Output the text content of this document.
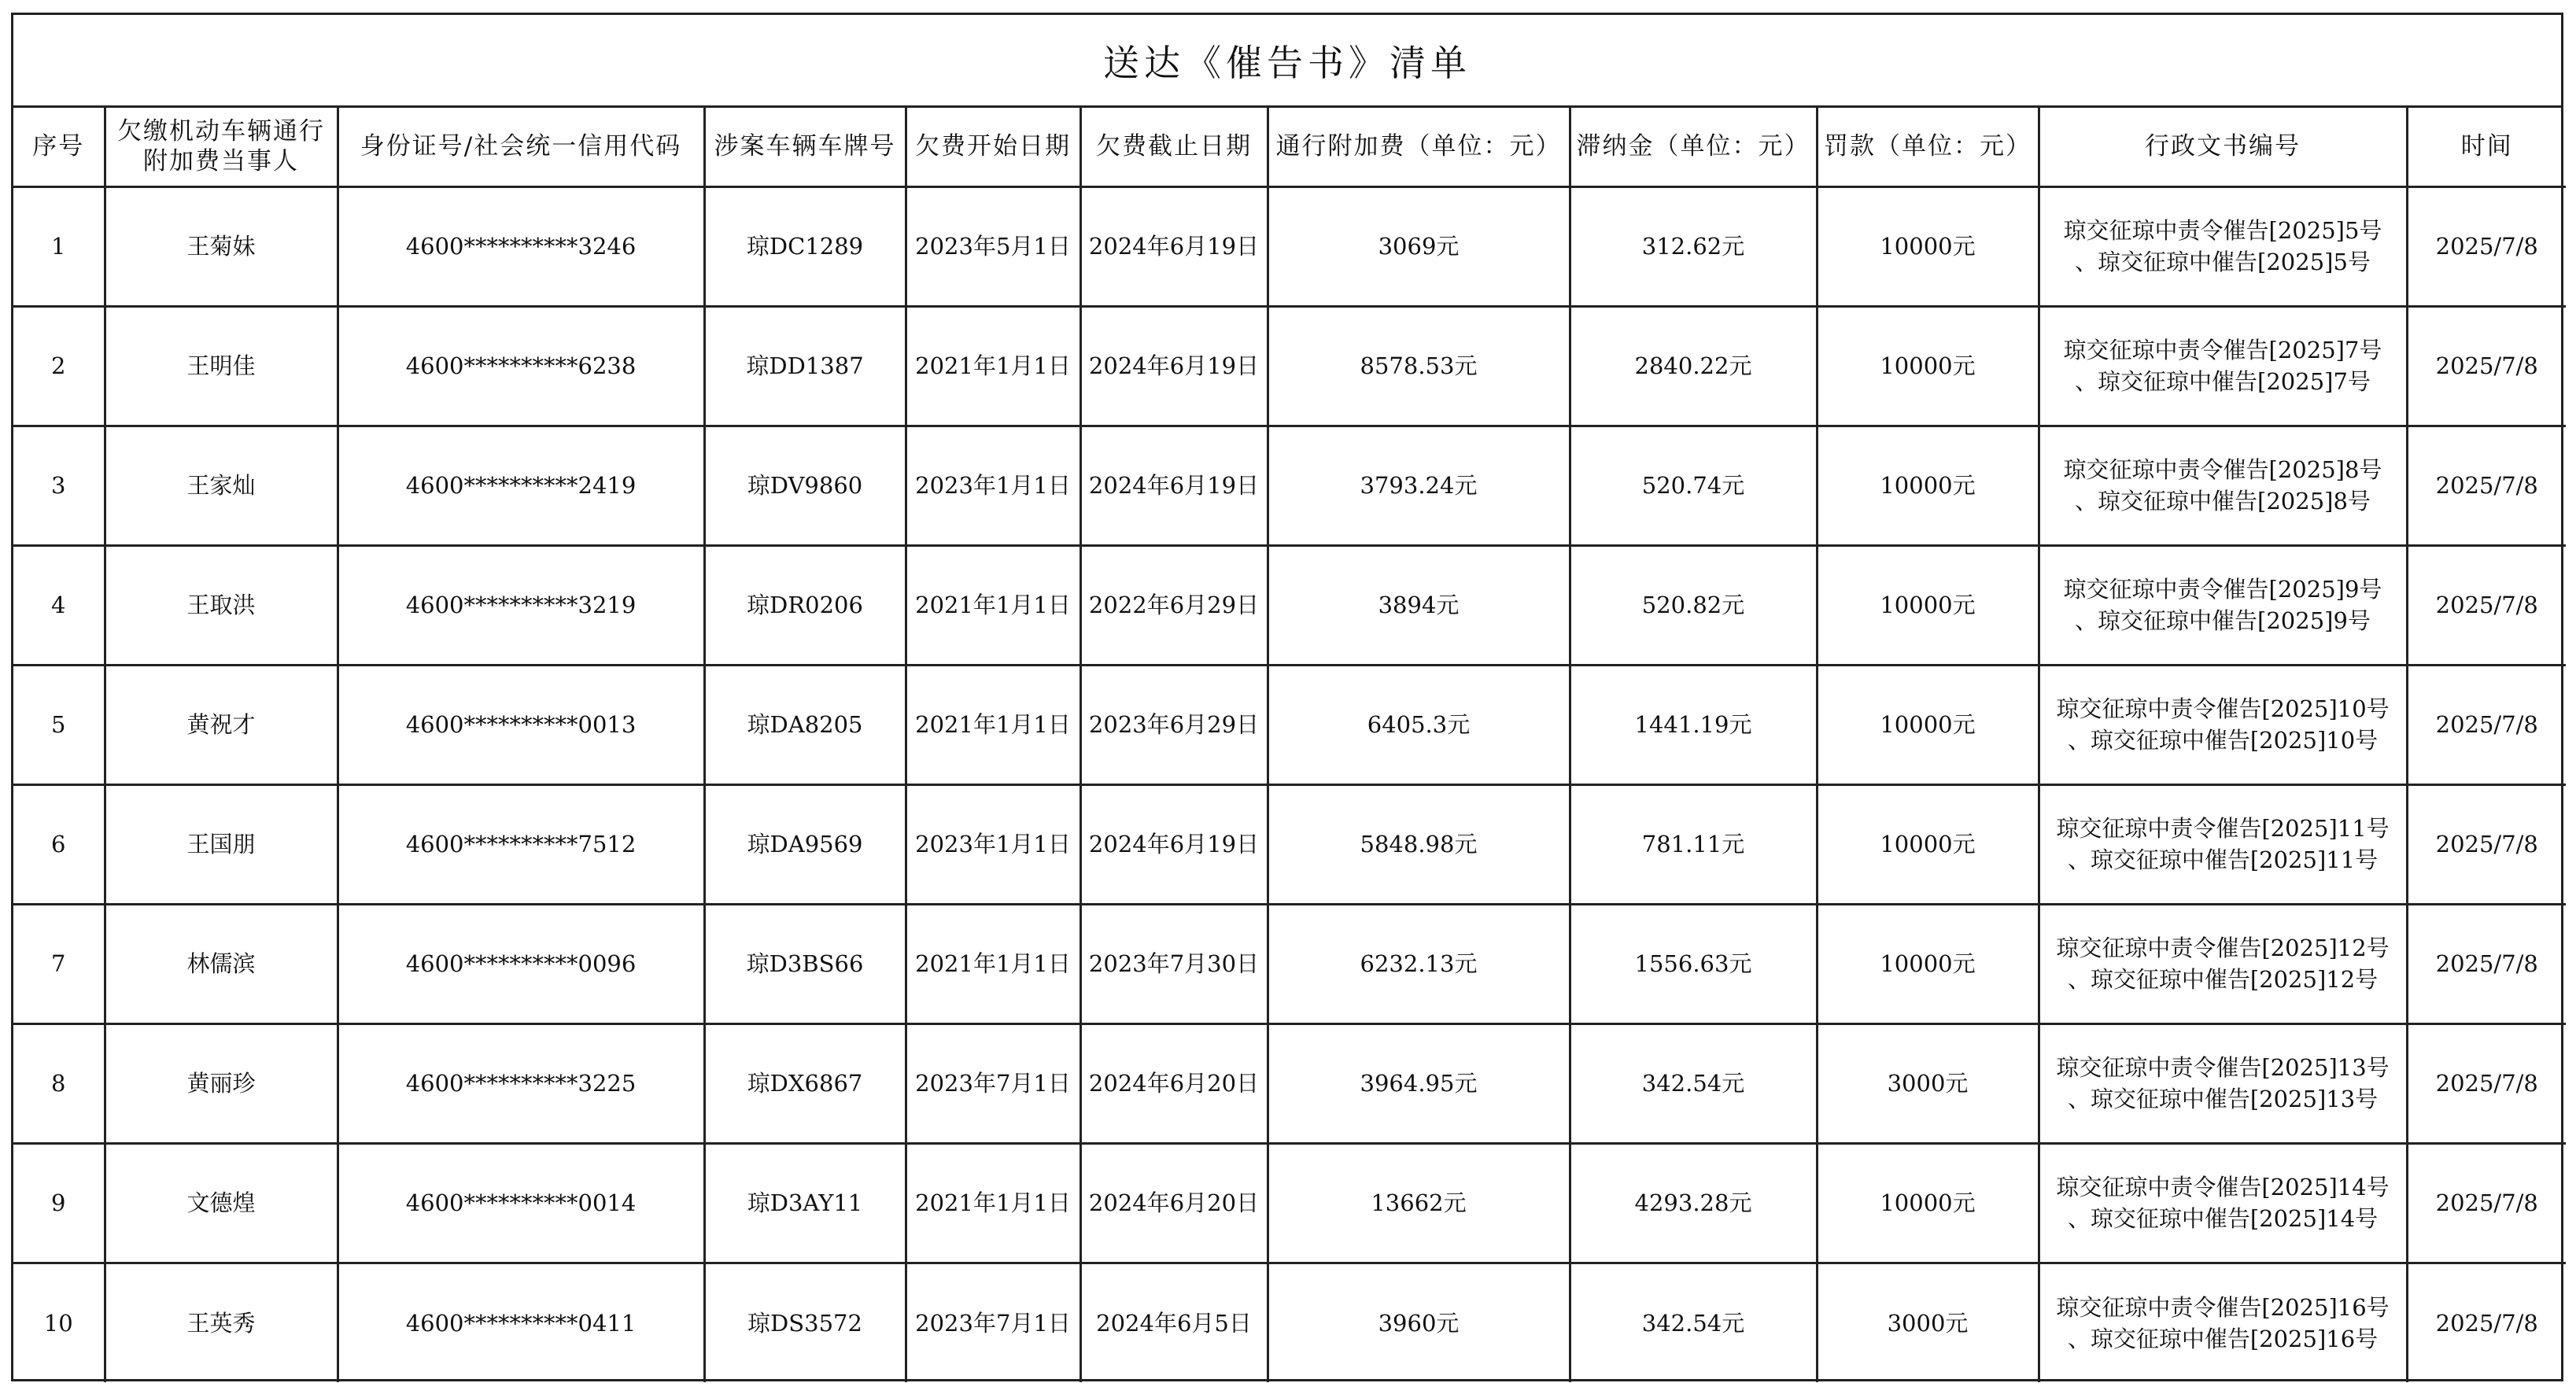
送达《催告书》清单
序号	欠缴机动车辆通行附加费当事人	身份证号/社会统一信用代码	涉案车辆车牌号	欠费开始日期	欠费截止日期	通行附加费（单位：元）	滞纳金（单位：元）	罚款（单位：元）	行政文书编号	时间
1	王菊妹	4600**********3246	琼DC1289	2023年5月1日	2024年6月19日	3069元	312.62元	10000元	琼交征琼中责令催告[2025]5号
、琼交征琼中催告[2025]5号	2025/7/8
2	王明佳	4600**********6238	琼DD1387	2021年1月1日	2024年6月19日	8578.53元	2840.22元	10000元	琼交征琼中责令催告[2025]7号
、琼交征琼中催告[2025]7号	2025/7/8
3	王家灿	4600**********2419	琼DV9860	2023年1月1日	2024年6月19日	3793.24元	520.74元	10000元	琼交征琼中责令催告[2025]8号
、琼交征琼中催告[2025]8号	2025/7/8
4	王取洪	4600**********3219	琼DR0206	2021年1月1日	2022年6月29日	3894元	520.82元	10000元	琼交征琼中责令催告[2025]9号
、琼交征琼中催告[2025]9号	2025/7/8
5	黄祝才	4600**********0013	琼DA8205	2021年1月1日	2023年6月29日	6405.3元	1441.19元	10000元	琼交征琼中责令催告[2025]10号
、琼交征琼中催告[2025]10号	2025/7/8
6	王国朋	4600**********7512	琼DA9569	2023年1月1日	2024年6月19日	5848.98元	781.11元	10000元	琼交征琼中责令催告[2025]11号
、琼交征琼中催告[2025]11号	2025/7/8
7	林儒滨	4600**********0096	琼D3BS66	2021年1月1日	2023年7月30日	6232.13元	1556.63元	10000元	琼交征琼中责令催告[2025]12号
、琼交征琼中催告[2025]12号	2025/7/8
8	黄丽珍	4600**********3225	琼DX6867	2023年7月1日	2024年6月20日	3964.95元	342.54元	3000元	琼交征琼中责令催告[2025]13号
、琼交征琼中催告[2025]13号	2025/7/8
9	文德煌	4600**********0014	琼D3AY11	2021年1月1日	2024年6月20日	13662元	4293.28元	10000元	琼交征琼中责令催告[2025]14号
、琼交征琼中催告[2025]14号	2025/7/8
10	王英秀	4600**********0411	琼DS3572	2023年7月1日	2024年6月5日	3960元	342.54元	3000元	琼交征琼中责令催告[2025]16号
、琼交征琼中催告[2025]16号	2025/7/8
